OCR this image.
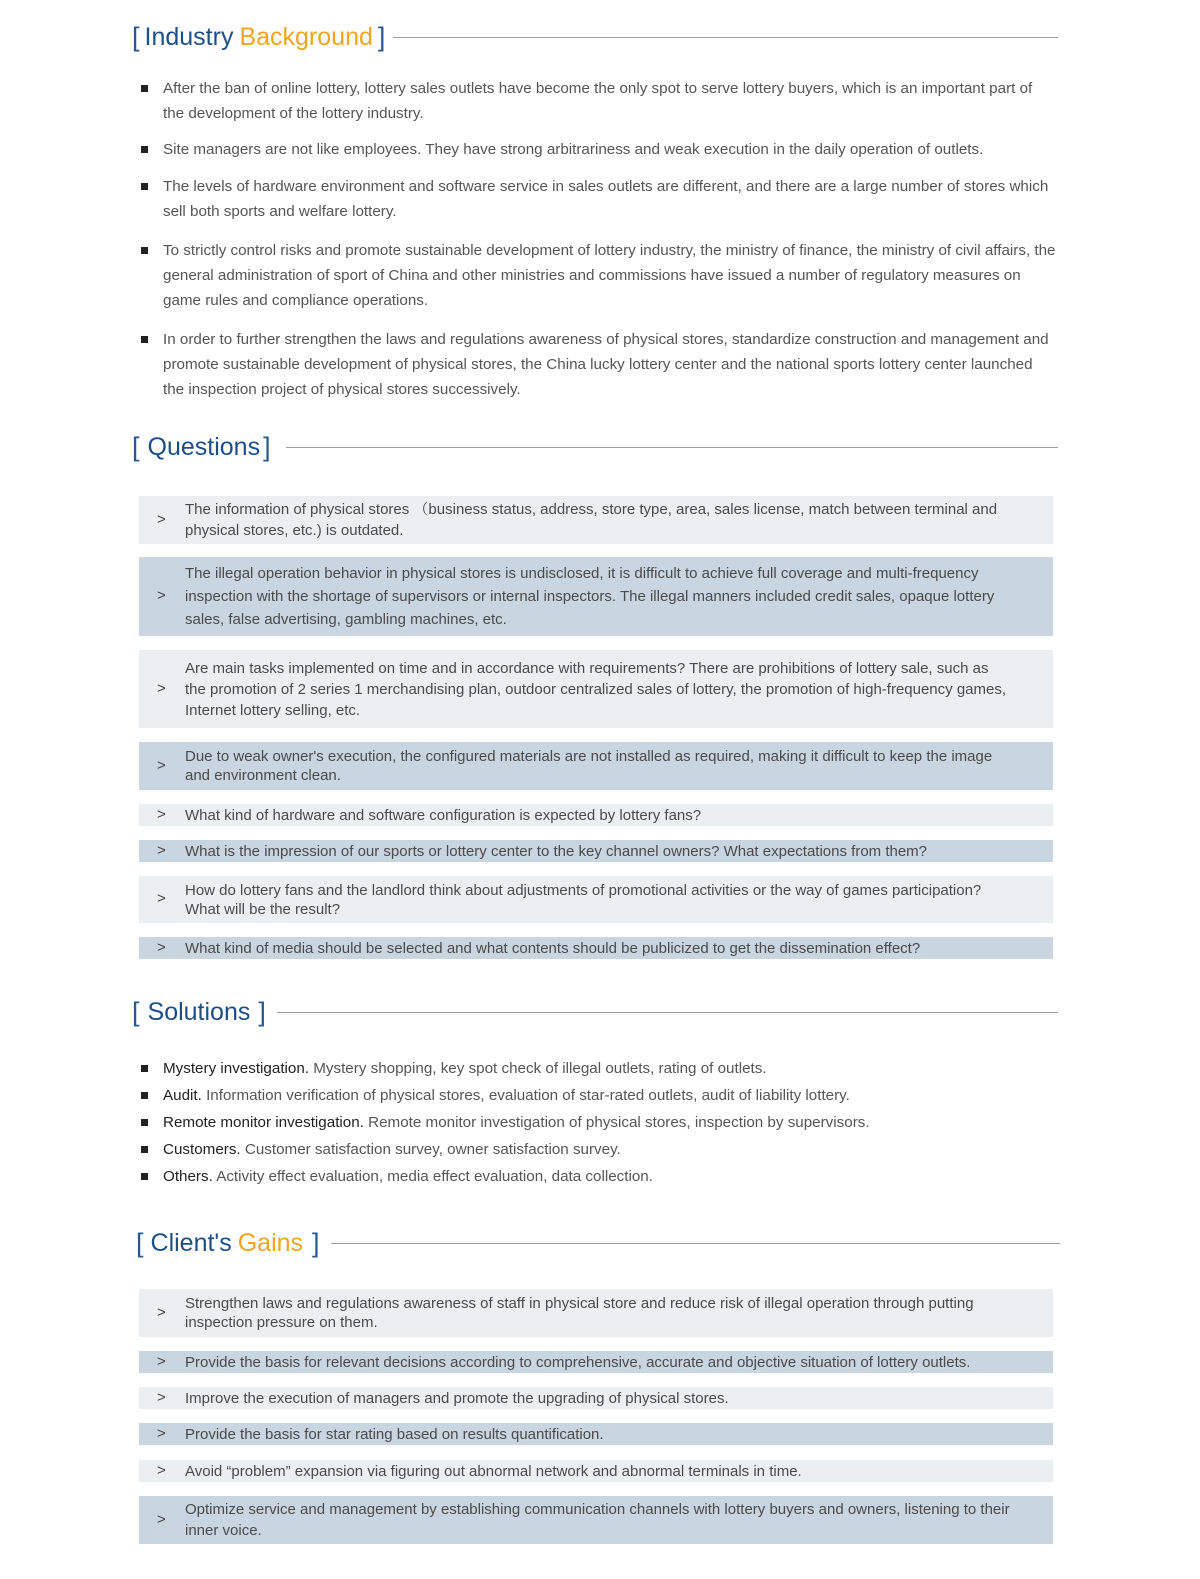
[ Industry Background ]
After the ban of online lottery, lottery sales outlets have become the only spot to serve lottery buyers, which is an important part of the development of the lottery industry.
Site managers are not like employees. They have strong arbitrariness and weak execution in the daily operation of outlets.
The levels of hardware environment and software service in sales outlets are different, and there are a large number of stores which sell both sports and welfare lottery.
To strictly control risks and promote sustainable development of lottery industry, the ministry of finance, the ministry of civil affairs, the general administration of sport of China and other ministries and commissions have issued a number of regulatory measures on game rules and compliance operations.
In order to further strengthen the laws and regulations awareness of physical stores, standardize construction and management and promote sustainable development of physical stores, the China lucky lottery center and the national sports lottery center launched the inspection project of physical stores successively.
[ Questions ]
>
The information of physical stores （business status, address, store type, area, sales license, match between terminal and physical stores, etc.) is outdated.
>
The illegal operation behavior in physical stores is undisclosed, it is difficult to achieve full coverage and multi-frequency inspection with the shortage of supervisors or internal inspectors. The illegal manners included credit sales, opaque lottery sales, false advertising, gambling machines, etc.
>
Are main tasks implemented on time and in accordance with requirements? There are prohibitions of lottery sale, such as the promotion of 2 series 1 merchandising plan, outdoor centralized sales of lottery, the promotion of high-frequency games, Internet lottery selling, etc.
>	Due to weak owner's execution, the configured materials are not installed as required, making it difficult to keep the image and environment clean.
>	What kind of hardware and software configuration is expected by lottery fans?
>	What is the impression of our sports or lottery center to the key channel owners? What expectations from them?
>	How do lottery fans and the landlord think about adjustments of promotional activities or the way of games participation? What will be the result?
>	What kind of media should be selected and what contents should be publicized to get the dissemination effect?
[ Solutions ]
Mystery investigation. Mystery shopping, key spot check of illegal outlets, rating of outlets.
Audit. Information verification of physical stores, evaluation of star-rated outlets, audit of liability lottery.
Remote monitor investigation. Remote monitor investigation of physical stores, inspection by supervisors.
Customers. Customer satisfaction survey, owner satisfaction survey.
Others. Activity effect evaluation, media effect evaluation, data collection.
[ Client's Gains ]
>	Strengthen laws and regulations awareness of staff in physical store and reduce risk of illegal operation through putting inspection pressure on them.
>	Provide the basis for relevant decisions according to comprehensive, accurate and objective situation of lottery outlets.
>	Improve the execution of managers and promote the upgrading of physical stores.
>	Provide the basis for star rating based on results quantification.
>	Avoid “problem” expansion via figuring out abnormal network and abnormal terminals in time.
>
Optimize service and management by establishing communication channels with lottery buyers and owners, listening to their inner voice.
